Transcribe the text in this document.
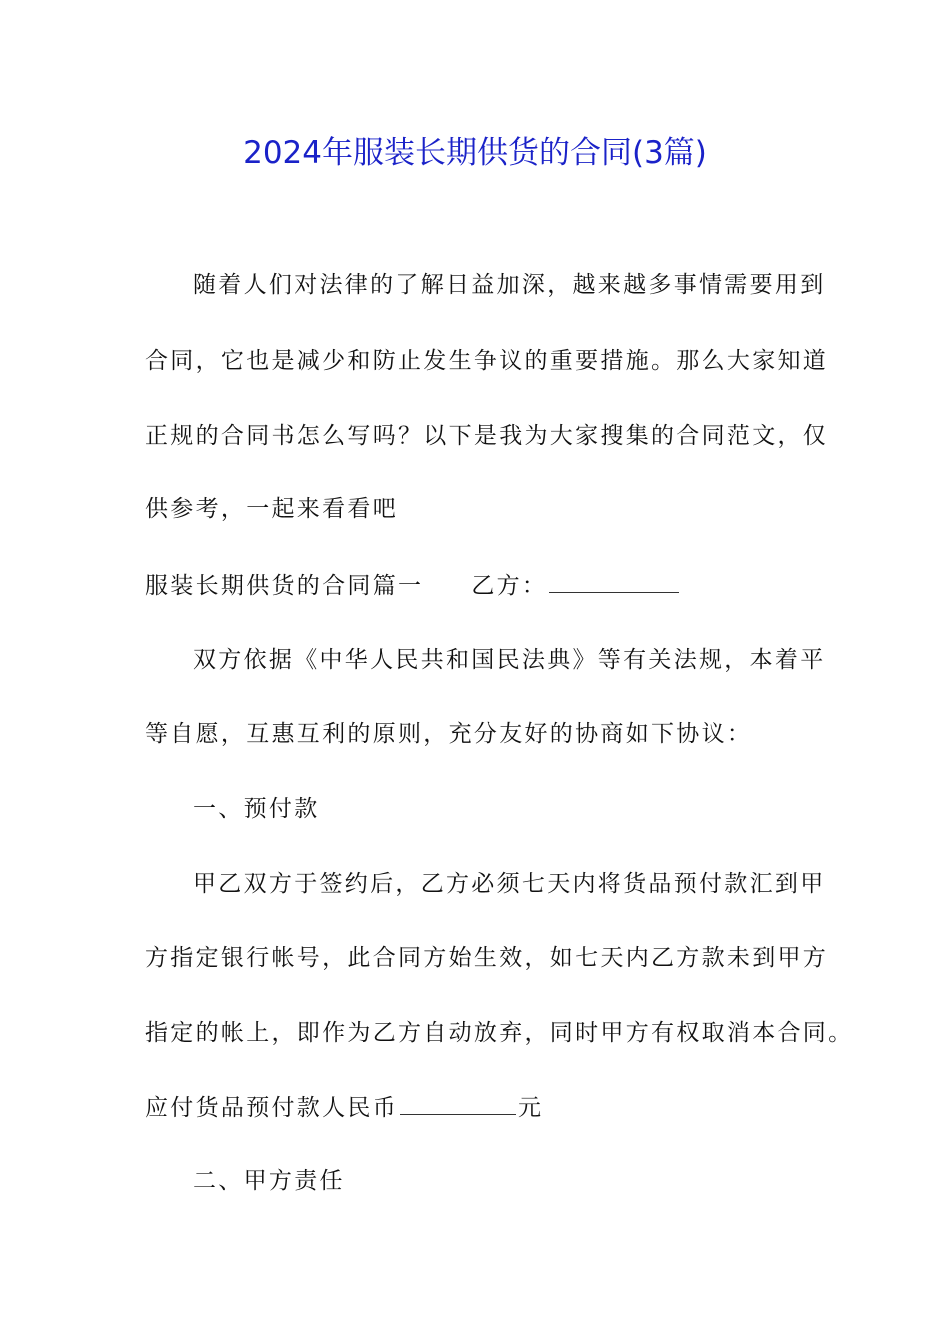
2024年服装长期供货的合同(3篇)
随着人们对法律的了解日益加深，越来越多事情需要用到
合同，它也是减少和防止发生争议的重要措施。那么大家知道
正规的合同书怎么写吗？以下是我为大家搜集的合同范文，仅
供参考，一起来看看吧
服装长期供货的合同篇一 乙方：
双方依据《中华人民共和国民法典》等有关法规，本着平
等自愿，互惠互利的原则，充分友好的协商如下协议：
一、预付款
甲乙双方于签约后，乙方必须七天内将货品预付款汇到甲
方指定银行帐号，此合同方始生效，如七天内乙方款未到甲方
指定的帐上，即作为乙方自动放弃，同时甲方有权取消本合同。
应付货品预付款人民币	元
二、甲方责任
